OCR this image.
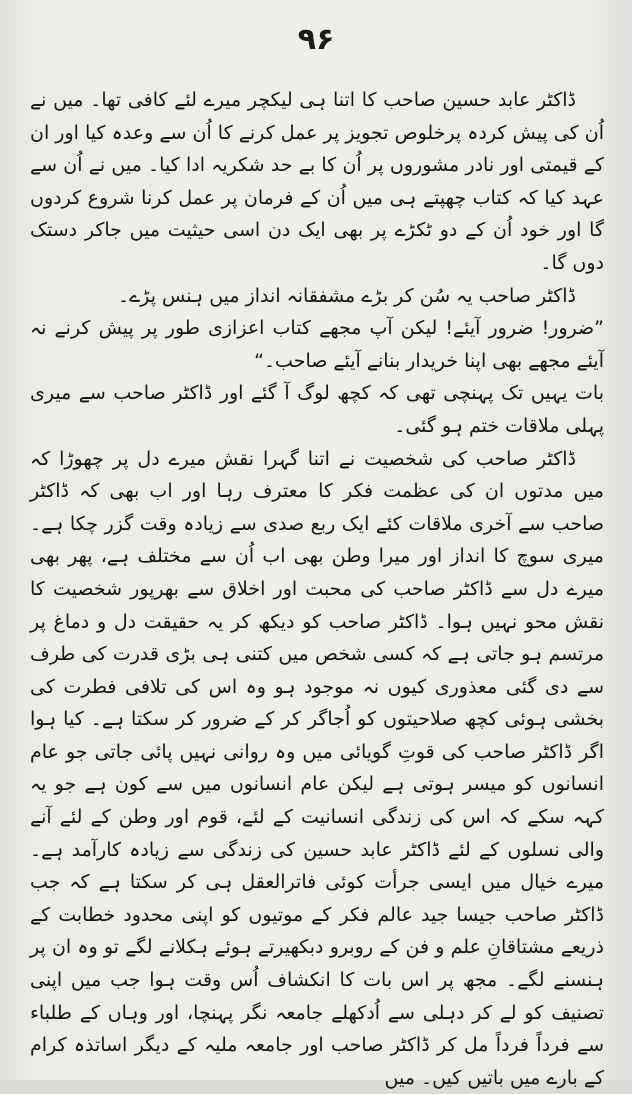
۹۶

ڈاکٹر عابد حسین صاحب کا اتنا ہی لیکچر میرے لئے کافی تھا۔ میں نے اُن کی پیش کردہ پرخلوص تجویز پر عمل کرنے کا اُن سے وعدہ کیا اور ان کے قیمتی اور نادر مشوروں پر اُن کا بے حد شکریہ ادا کیا۔ میں نے اُن سے عہد کیا کہ کتاب چھپتے ہی میں اُن کے فرمان پر عمل کرنا شروع کردوں گا اور خود اُن کے دو ٹکڑے پر بھی ایک دن اسی حیثیت میں جاکر دستک دوں گا۔

ڈاکٹر صاحب یہ سُن کر بڑے مشفقانہ انداز میں ہنس پڑے۔

”ضرور! ضرور آیئے! لیکن آپ مجھے کتاب اعزازی طور پر پیش کرنے نہ آیئے مجھے بھی اپنا خریدار بنانے آیئے صاحب۔“

بات یہیں تک پہنچی تھی کہ کچھ لوگ آ گئے اور ڈاکٹر صاحب سے میری پہلی ملاقات ختم ہو گئی۔

ڈاکٹر صاحب کی شخصیت نے اتنا گہرا نقش میرے دل پر چھوڑا کہ میں مدتوں ان کی عظمت فکر کا معترف رہا اور اب بھی کہ ڈاکٹر صاحب سے آخری ملاقات کئے ایک ربع صدی سے زیادہ وقت گزر چکا ہے۔ میری سوچ کا انداز اور میرا وطن بھی اب اُن سے مختلف ہے، پھر بھی میرے دل سے ڈاکٹر صاحب کی محبت اور اخلاق سے بھرپور شخصیت کا نقش محو نہیں ہوا۔ ڈاکٹر صاحب کو دیکھ کر یہ حقیقت دل و دماغ پر مرتسم ہو جاتی ہے کہ کسی شخص میں کتنی ہی بڑی قدرت کی طرف سے دی گئی معذوری کیوں نہ موجود ہو وہ اس کی تلافی فطرت کی بخشی ہوئی کچھ صلاحیتوں کو اُجاگر کر کے ضرور کر سکتا ہے۔ کیا ہوا اگر ڈاکٹر صاحب کی قوتِ گویائی میں وہ روانی نہیں پائی جاتی جو عام انسانوں کو میسر ہوتی ہے لیکن عام انسانوں میں سے کون ہے جو یہ کہہ سکے کہ اس کی زندگی انسانیت کے لئے، قوم اور وطن کے لئے آنے والی نسلوں کے لئے ڈاکٹر عابد حسین کی زندگی سے زیادہ کارآمد ہے۔ میرے خیال میں ایسی جرأت کوئی فاترالعقل ہی کر سکتا ہے کہ جب ڈاکٹر صاحب جیسا جید عالم فکر کے موتیوں کو اپنی محدود خطابت کے ذریعے مشتاقانِ علم و فن کے روبرو دبکھیرتے ہوئے ہکلانے لگے تو وہ ان پر ہنسنے لگے۔ مجھ پر اس بات کا انکشاف اُس وقت ہوا جب میں اپنی تصنیف کو لے کر دہلی سے اُدکھلے جامعہ نگر پہنچا، اور وہاں کے طلباء سے فرداً فرداً مل کر ڈاکٹر صاحب اور جامعہ ملیہ کے دیگر اساتذہ کرام کے بارے میں باتیں کیں۔ میں
